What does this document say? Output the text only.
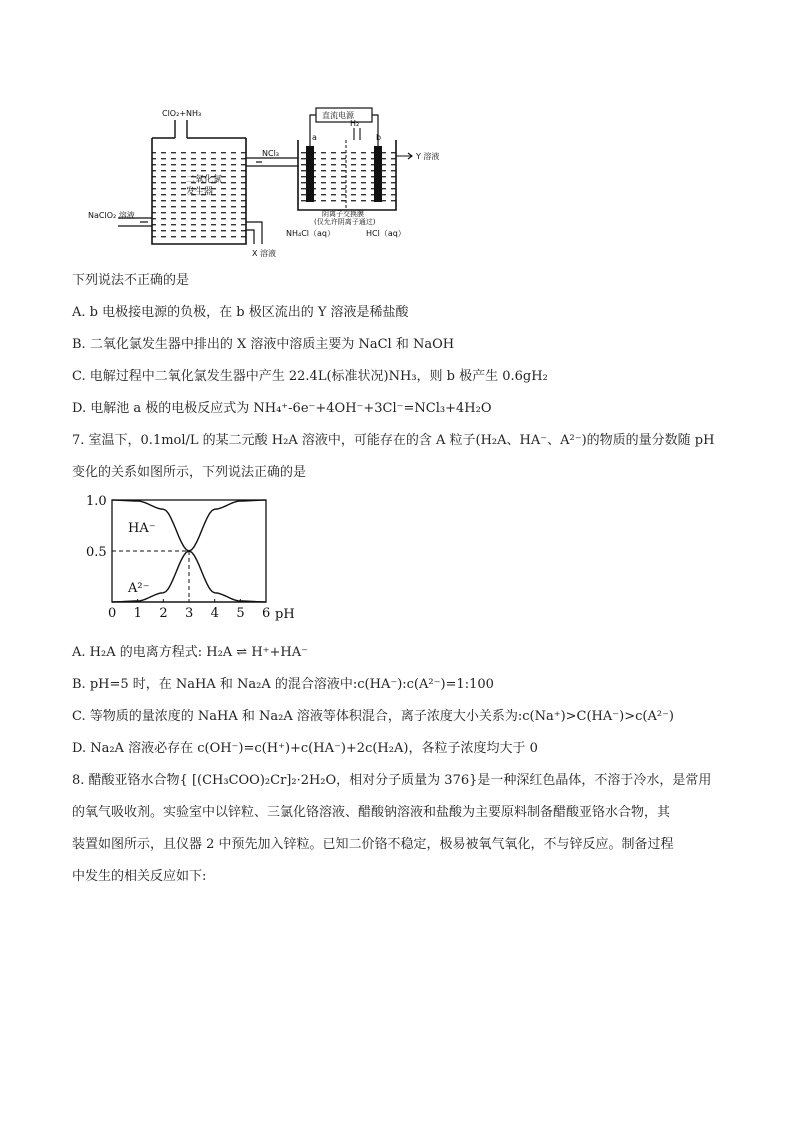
ClO₂+NH₃
二氧化氯
发生器
NaClO₂ 溶液
X 溶液
NCl₃
直流电源
a	b
H₂
Y 溶液
阴离子交换膜
(仅允许阴离子通过)
NH₄Cl（aq）	HCl（aq）
下列说法不正确的是
A. b 电极接电源的负极，在 b 极区流出的 Y 溶液是稀盐酸
B. 二氧化氯发生器中排出的 X 溶液中溶质主要为 NaCl 和 NaOH
C. 电解过程中二氧化氯发生器中产生 22.4L(标准状况)NH₃，则 b 极产生 0.6gH₂
D. 电解池 a 极的电极反应式为 NH₄⁺-6e⁻+4OH⁻+3Cl⁻=NCl₃+4H₂O
7. 室温下，0.1mol/L 的某二元酸 H₂A 溶液中，可能存在的含 A 粒子(H₂A、HA⁻、A²⁻)的物质的量分数随 pH
变化的关系如图所示，下列说法正确的是
HA⁻
A²⁻
pH
0 1 2 3 4 5 6
0.5
1.0
A. H₂A 的电离方程式: H₂A ⇌ H⁺+HA⁻
B. pH=5 时，在 NaHA 和 Na₂A 的混合溶液中:c(HA⁻):c(A²⁻)=1:100
C. 等物质的量浓度的 NaHA 和 Na₂A 溶液等体积混合，离子浓度大小关系为:c(Na⁺)>C(HA⁻)>c(A²⁻)
D. Na₂A 溶液必存在 c(OH⁻)=c(H⁺)+c(HA⁻)+2c(H₂A)，各粒子浓度均大于 0
8. 醋酸亚铬水合物{ [(CH₃COO)₂Cr]₂·2H₂O，相对分子质量为 376}是一种深红色晶体，不溶于冷水，是常用
的氧气吸收剂。实验室中以锌粒、三氯化铬溶液、醋酸钠溶液和盐酸为主要原料制备醋酸亚铬水合物，其
装置如图所示，且仪器 2 中预先加入锌粒。已知二价铬不稳定，极易被氧气氧化，不与锌反应。制备过程
中发生的相关反应如下:
